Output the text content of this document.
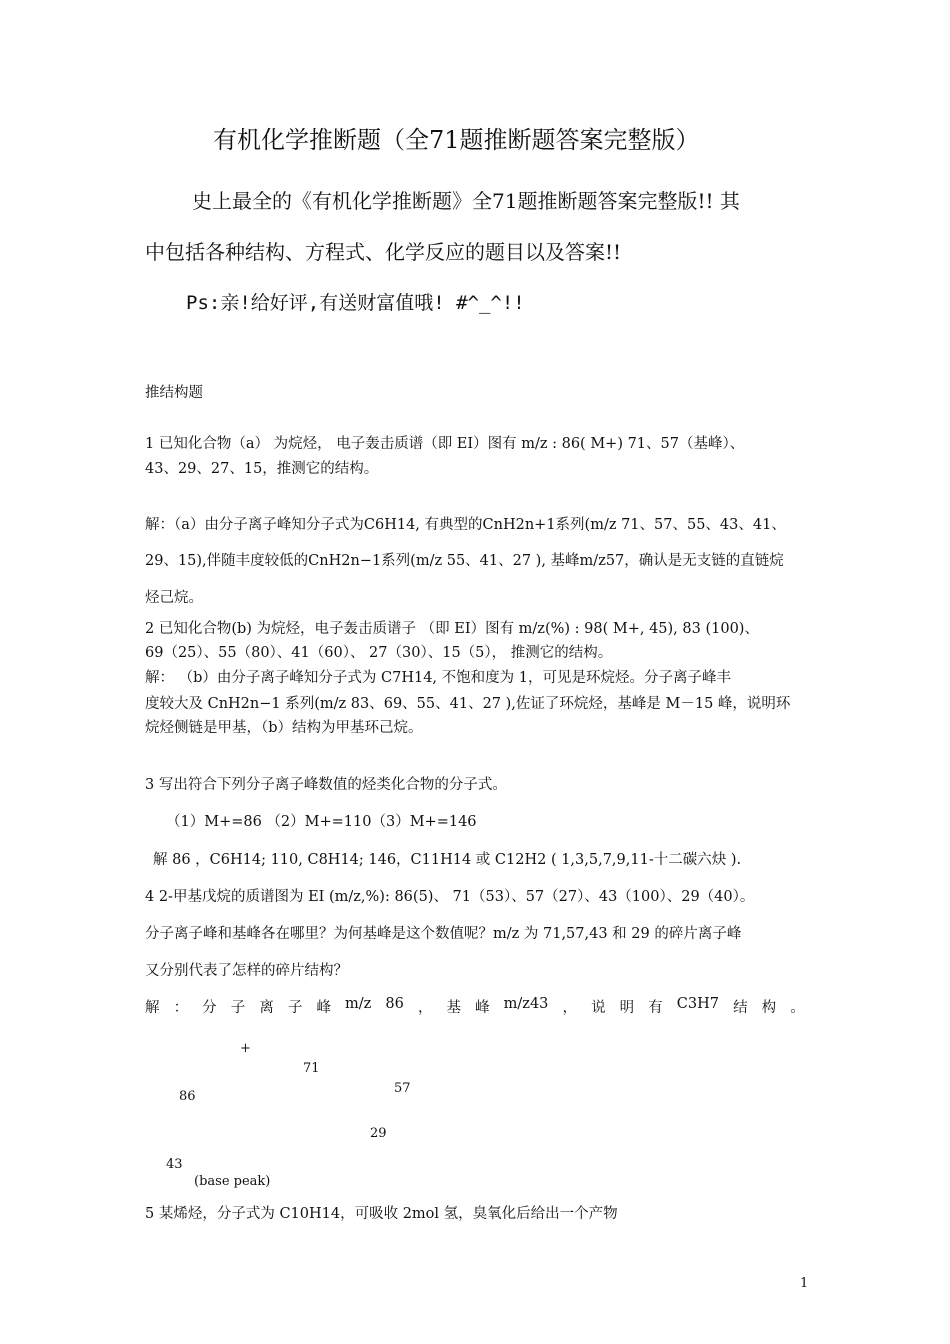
有机化学推断题（全71题推断题答案完整版）
史上最全的《有机化学推断题》全71题推断题答案完整版!! 其
中包括各种结构、方程式、化学反应的题目以及答案!!
Ps:亲!给好评,有送财富值哦! #^_^!!
推结构题
1 已知化合物（a） 为烷烃， 电子轰击质谱（即 EI）图有 m/z : 86( M+) 71、57（基峰）、
43、29、27、15，推测它的结构。
解：（a）由分子离子峰知分子式为C6H14, 有典型的CnH2n+1系列(m/z 71、57、55、43、41、
29、15),伴随丰度较低的CnH2n−1系列(m/z 55、41、27 ), 基峰m/z57，确认是无支链的直链烷
烃己烷。
2 已知化合物(b) 为烷烃，电子轰击质谱子 （即 EI）图有 m/z(%) : 98( M+, 45), 83 (100)、
69（25）、55（80）、41（60）、 27（30）、15（5）， 推测它的结构。
解： （b）由分子离子峰知分子式为 C7H14, 不饱和度为 1，可见是环烷烃。分子离子峰丰
度较大及 CnH2n−1 系列(m/z 83、69、55、41、27 ),佐证了环烷烃，基峰是 M－15 峰，说明环
烷烃侧链是甲基，（b）结构为甲基环己烷。
3 写出符合下列分子离子峰数值的烃类化合物的分子式。
（1）M+=86 （2）M+=110（3）M+=146
解 86 ，C6H14; 110, C8H14; 146，C11H14 或 C12H2 ( 1,3,5,7,9,11-十二碳六炔 ).
4 2-甲基戊烷的质谱图为 EI (m/z,%): 86(5)、 71（53）、57（27）、43（100）、29（40）。
分子离子峰和基峰各在哪里？为何基峰是这个数值呢？m/z 为 71,57,43 和 29 的碎片离子峰
又分别代表了怎样的碎片结构？
解 ： 分 子 离 子 峰 m/z 86 ， 基 峰 m/z43 ， 说 明 有 C3H7 结 构 。
+
71
86
57
29
43
(base peak)
5 某烯烃，分子式为 C10H14，可吸收 2mol 氢，臭氧化后给出一个产物
1
